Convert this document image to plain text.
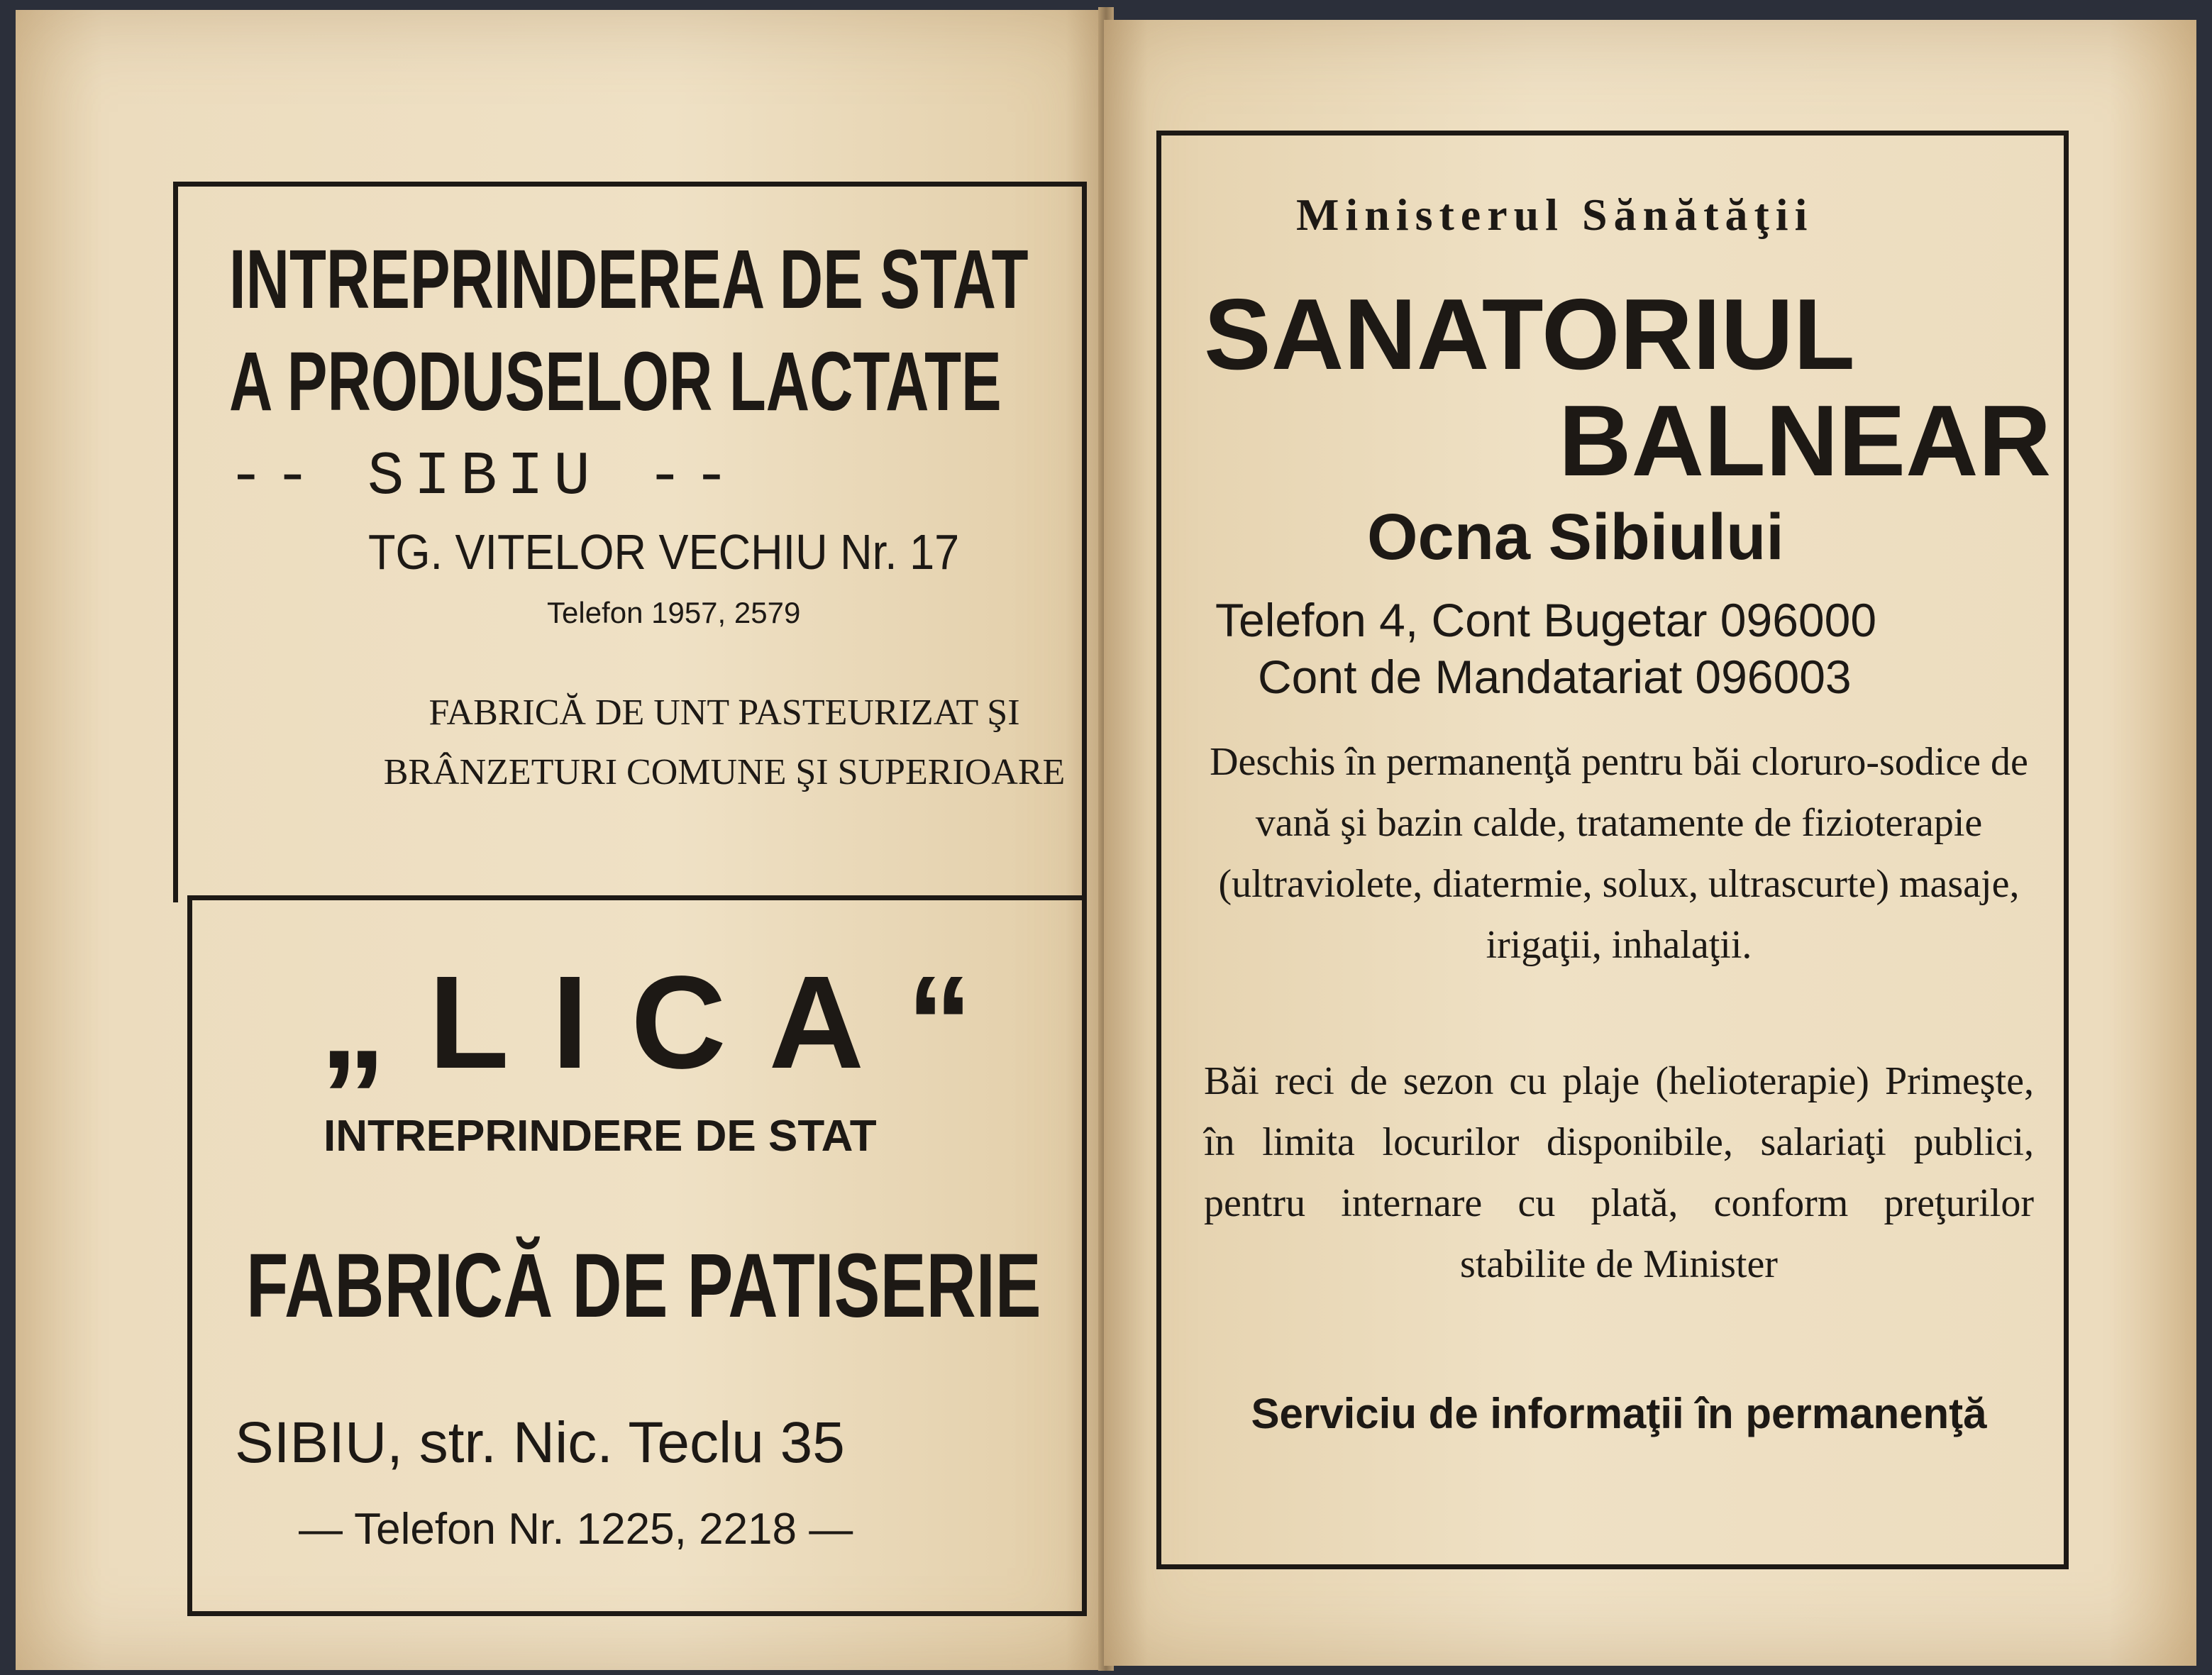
INTREPRINDEREA DE STAT
A PRODUSELOR LACTATE
-- SIBIU --
TG. VITELOR VECHIU Nr. 17
Telefon 1957, 2579
FABRICĂ DE UNT PASTEURIZAT ŞI BRÂNZETURI COMUNE ŞI SUPERIOARE
„LICA“
INTREPRINDERE DE STAT
FABRICĂ DE PATISERIE
SIBIU, str. Nic. Teclu 35
— Telefon Nr. 1225, 2218 —
Ministerul Sănătăţii
SANATORIUL
BALNEAR
Ocna Sibiului
Telefon 4, Cont Bugetar 096000
Cont de Mandatariat 096003
Deschis în permanenţă pentru băi cloruro-sodice de vană şi bazin calde, tratamente de fizioterapie (ultraviolete, diatermie, solux, ultrascurte) masaje, irigaţii, inhalaţii.
Băi reci de sezon cu plaje (helioterapie) Primeşte, în limita locurilor disponibile, salariaţi publici, pentru internare cu plată, conform preţurilor stabilite de Minister
Serviciu de informaţii în permanenţă
